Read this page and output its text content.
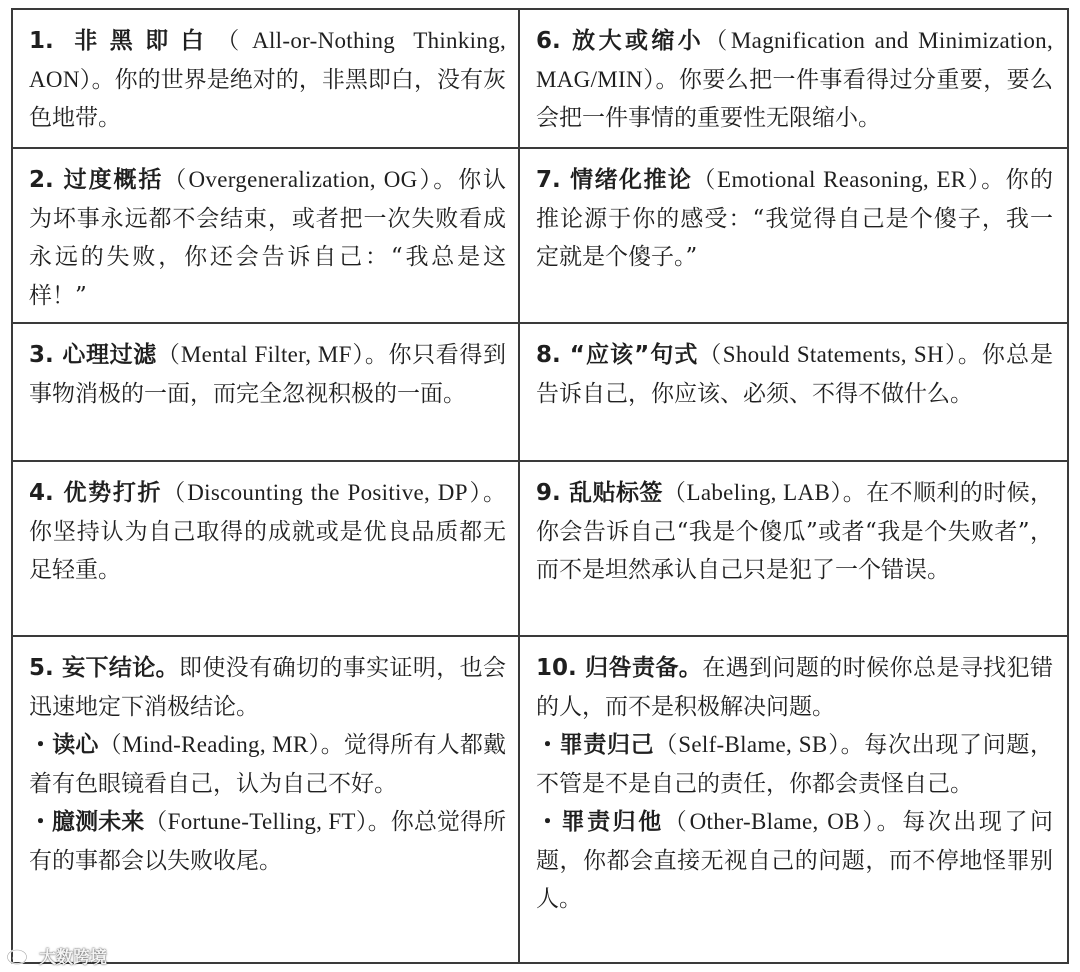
1. 非黑即白（All-or-Nothing Thinking, AON）。你的世界是绝对的，非黑即白，没有灰色地带。
6. 放大或缩小（Magnification and Minimization, MAG/MIN）。你要么把一件事看得过分重要，要么会把一件事情的重要性无限缩小。
2. 过度概括（Overgeneralization, OG）。你认为坏事永远都不会结束，或者把一次失败看成永远的失败，你还会告诉自己：“我总是这样！”
7. 情绪化推论（Emotional Reasoning, ER）。你的推论源于你的感受：“我觉得自己是个傻子，我一定就是个傻子。”
3. 心理过滤（Mental Filter, MF）。你只看得到事物消极的一面，而完全忽视积极的一面。
8. “应该”句式（Should Statements, SH）。你总是告诉自己，你应该、必须、不得不做什么。
4. 优势打折（Discounting the Positive, DP）。你坚持认为自己取得的成就或是优良品质都无足轻重。
9. 乱贴标签（Labeling, LAB）。在不顺利的时候，你会告诉自己“我是个傻瓜”或者“我是个失败者”，而不是坦然承认自己只是犯了一个错误。
5. 妄下结论。即使没有确切的事实证明，也会迅速地定下消极结论。
・读心（Mind-Reading, MR）。觉得所有人都戴着有色眼镜看自己，认为自己不好。
・臆测未来（Fortune-Telling, FT）。你总觉得所有的事都会以失败收尾。
10. 归咎责备。在遇到问题的时候你总是寻找犯错的人，而不是积极解决问题。
・罪责归己（Self-Blame, SB）。每次出现了问题，不管是不是自己的责任，你都会责怪自己。
・罪责归他（Other-Blame, OB）。每次出现了问题，你都会直接无视自己的问题，而不停地怪罪别人。
大数跨境
